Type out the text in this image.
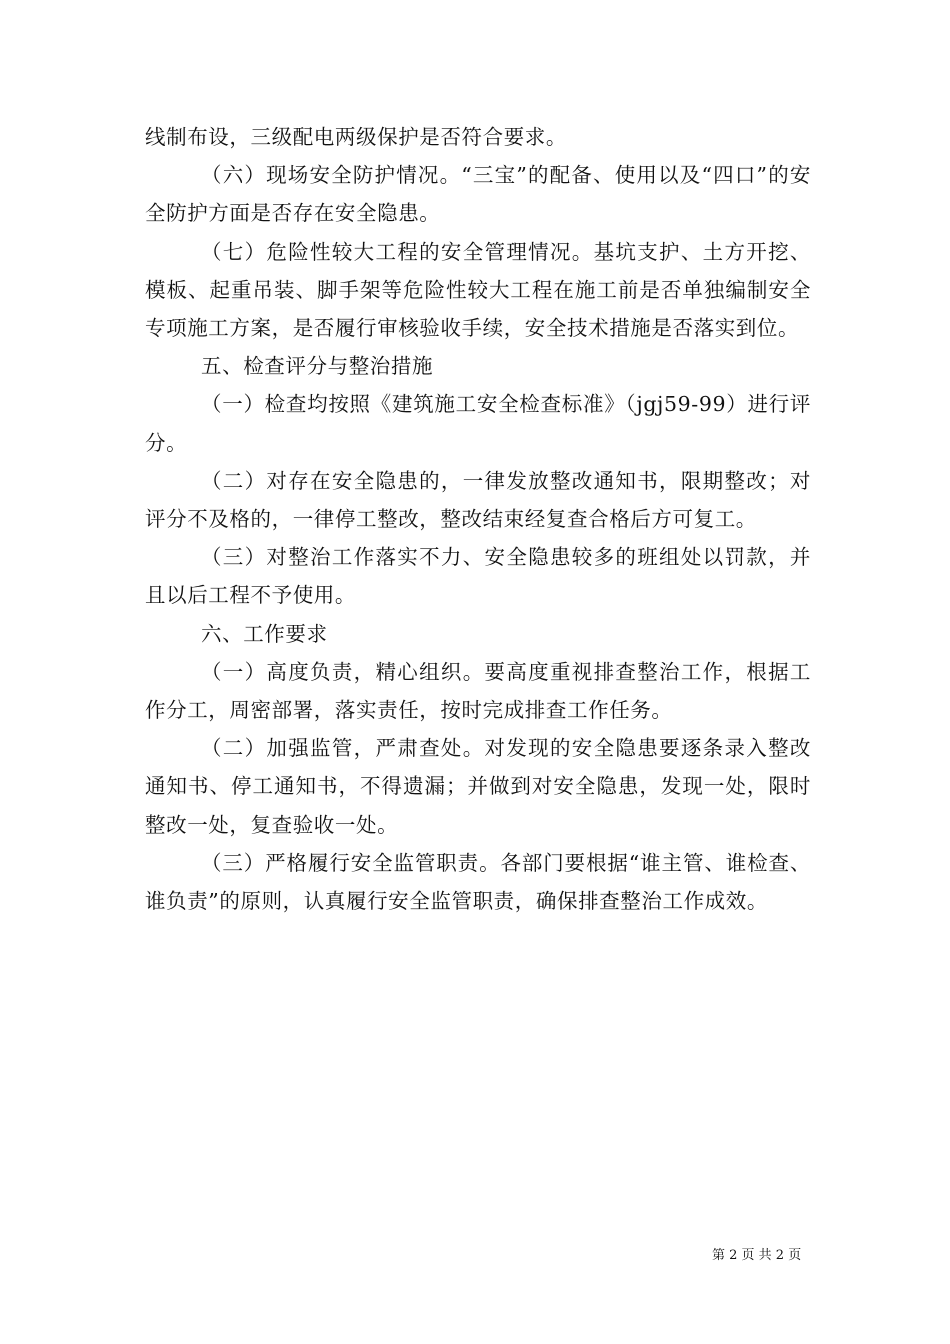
线制布设，三级配电两级保护是否符合要求。

（六）现场安全防护情况。“三宝”的配备、使用以及“四口”的安全防护方面是否存在安全隐患。

（七）危险性较大工程的安全管理情况。基坑支护、土方开挖、模板、起重吊装、脚手架等危险性较大工程在施工前是否单独编制安全专项施工方案，是否履行审核验收手续，安全技术措施是否落实到位。

五、检查评分与整治措施

（一）检查均按照《建筑施工安全检查标准》（jgj59-99）进行评分。

（二）对存在安全隐患的，一律发放整改通知书，限期整改；对评分不及格的，一律停工整改，整改结束经复查合格后方可复工。

（三）对整治工作落实不力、安全隐患较多的班组处以罚款，并且以后工程不予使用。

六、工作要求

（一）高度负责，精心组织。要高度重视排查整治工作，根据工作分工，周密部署，落实责任，按时完成排查工作任务。

（二）加强监管，严肃查处。对发现的安全隐患要逐条录入整改通知书、停工通知书，不得遗漏；并做到对安全隐患，发现一处，限时整改一处，复查验收一处。

（三）严格履行安全监管职责。各部门要根据“谁主管、谁检查、谁负责”的原则，认真履行安全监管职责，确保排查整治工作成效。

第 2 页 共 2 页
